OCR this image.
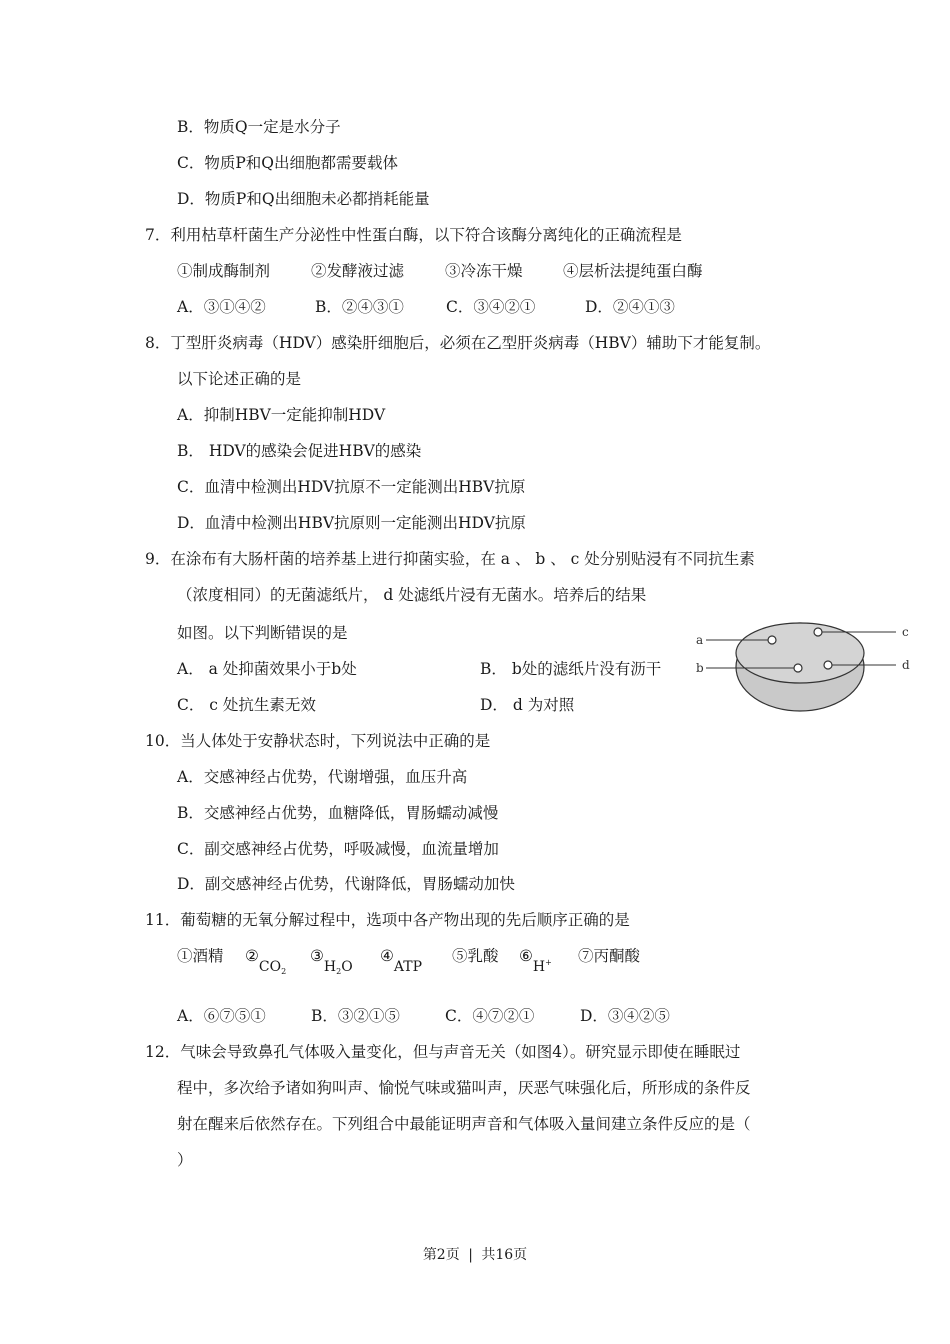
B．物质Q一定是水分子
C．物质P和Q出细胞都需要载体
D．物质P和Q出细胞未必都捎耗能量
7．利用枯草杆菌生产分泌性中性蛋白酶，以下符合该酶分离纯化的正确流程是
①制成酶制剂	②发酵液过滤	③冷冻干燥	④层析法提纯蛋白酶
A．③①④②	B．②④③①	C．③④②①	D．②④①③
8．丁型肝炎病毒（HDV）感染肝细胞后，必须在乙型肝炎病毒（HBV）辅助下才能复制。
以下论述正确的是
A．抑制HBV一定能抑制HDV
B． HDV的感染会促进HBV的感染
C．血清中检测出HDV抗原不一定能测出HBV抗原
D．血清中检测出HBV抗原则一定能测出HDV抗原
9．在涂布有大肠杆菌的培养基上进行抑菌实验，在 a 、 b 、 c 处分别贴浸有不同抗生素
（浓度相同）的无菌滤纸片， d 处滤纸片浸有无菌水。培养后的结果
如图。以下判断错误的是
A． a 处抑菌效果小于b处	B． b处的滤纸片没有沥干
C． c 处抗生素无效	D． d 为对照
a
b
c
d
10．当人体处于安静状态时，下列说法中正确的是
A．交感神经占优势，代谢增强，血压升高
B．交感神经占优势，血糖降低，胃肠蠕动减慢
C．副交感神经占优势，呼吸减慢，血流量增加
D．副交感神经占优势，代谢降低，胃肠蠕动加快
11．葡萄糖的无氧分解过程中，选项中各产物出现的先后顺序正确的是
①酒精 $②CO_2$
$③H_2O$
④ATP
⑤乳酸 ⑥H+ ⑦丙酮酸
A．⑥⑦⑤①	B．③②①⑤	C．④⑦②①	D．③④②⑤
12．气味会导致鼻孔气体吸入量变化，但与声音无关（如图4）。研究显示即使在睡眠过
程中，多次给予诸如狗叫声、愉悦气味或猫叫声，厌恶气味强化后，所形成的条件反
射在醒来后依然存在。下列组合中最能证明声音和气体吸入量间建立条件反应的是（
）
第2页 | 共16页
